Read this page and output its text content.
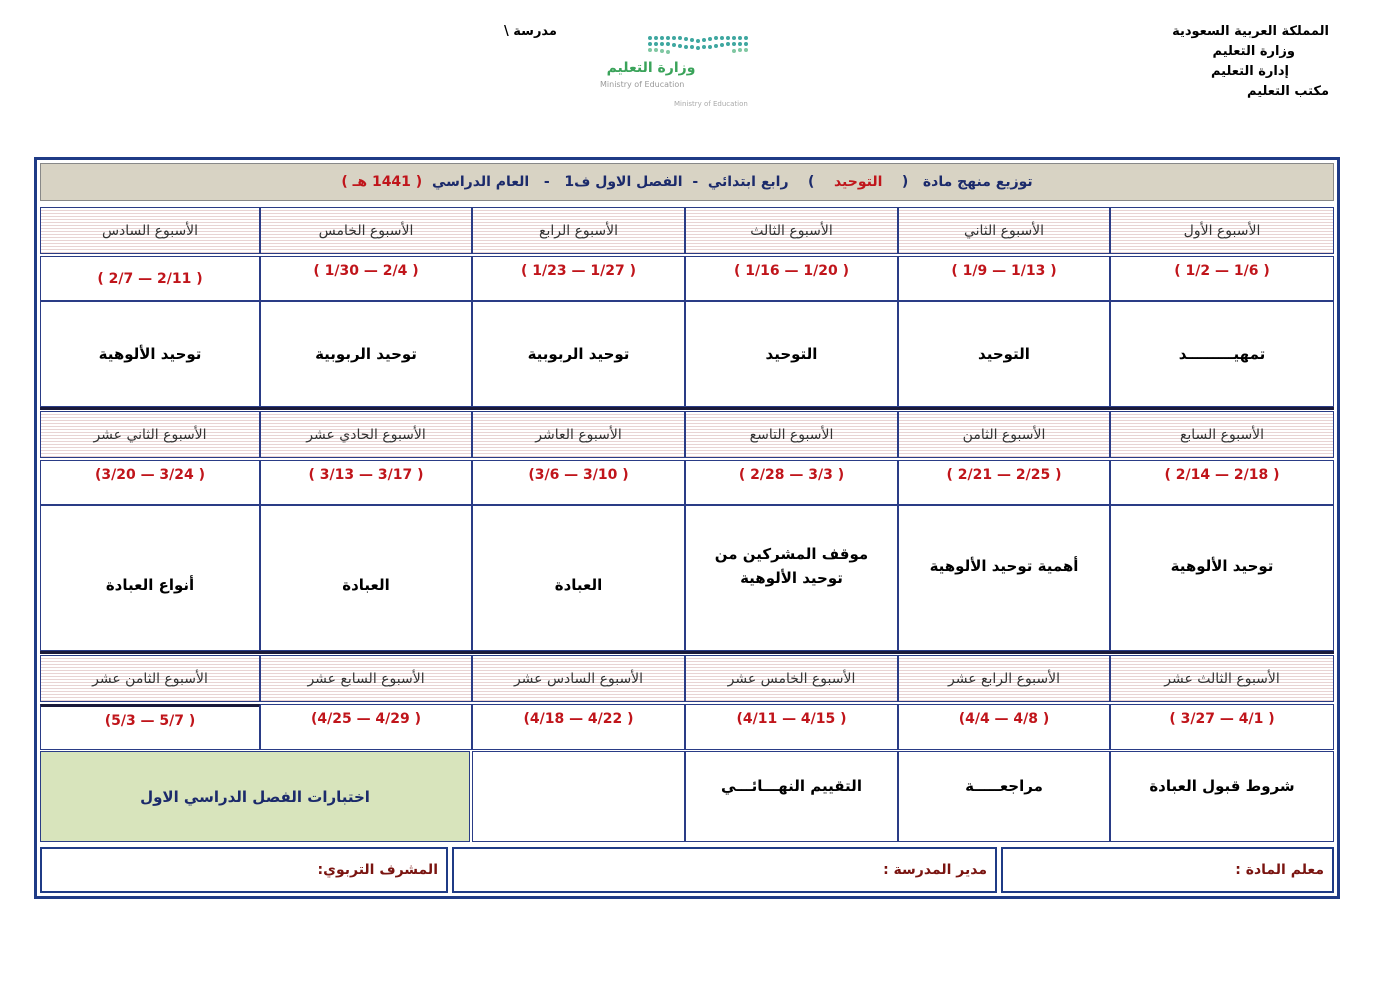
المملكة العربية السعودية
وزارة التعليم
إدارة التعليم
مكتب التعليم
مدرسة \
وزارة التعليم
Ministry of Education
Ministry of Education
توزيع منهج مادة

(

التوحيد

)

رابع ابتدائي

-

الفصل الاول ف1

-

العام الدراسي

( 1441 هـ )
الأسبوع الأول
الأسبوع الثاني
الأسبوع الثالث
الأسبوع الرابع
الأسبوع الخامس
الأسبوع السادس
( 1/2 — 1/6 )
( 1/9 — 1/13 )
( 1/16 — 1/20 )
( 1/23 — 1/27 )
( 1/30 — 2/4 )
( 2/7 — 2/11 )
تمهيـــــــــد
التوحيد
التوحيد
توحيد الربوبية
توحيد الربوبية
توحيد الألوهية
الأسبوع السابع
الأسبوع الثامن
الأسبوع التاسع
الأسبوع العاشر
الأسبوع الحادي عشر
الأسبوع الثاني عشر
( 2/14 — 2/18 )
( 2/21 — 2/25 )
( 2/28 — 3/3 )
(3/6 — 3/10 )
( 3/13 — 3/17 )
(3/20 — 3/24 )
توحيد الألوهية
أهمية توحيد الألوهية
موقف المشركين من توحيد الألوهية
العبادة
العبادة
أنواع العبادة
الأسبوع الثالث عشر
الأسبوع الرابع عشر
الأسبوع الخامس عشر
الأسبوع السادس عشر
الأسبوع السابع عشر
الأسبوع الثامن عشر
( 3/27 — 4/1 )
(4/4 — 4/8 )
(4/11 — 4/15 )
(4/18 — 4/22 )
(4/25 — 4/29 )
(5/3 — 5/7 )
شروط قبول العبادة
مراجعـــــة
التقييم النهـــائـــي
اختبارات الفصل الدراسي الاول
معلم المادة :
مدير المدرسة :
المشرف التربوي:
